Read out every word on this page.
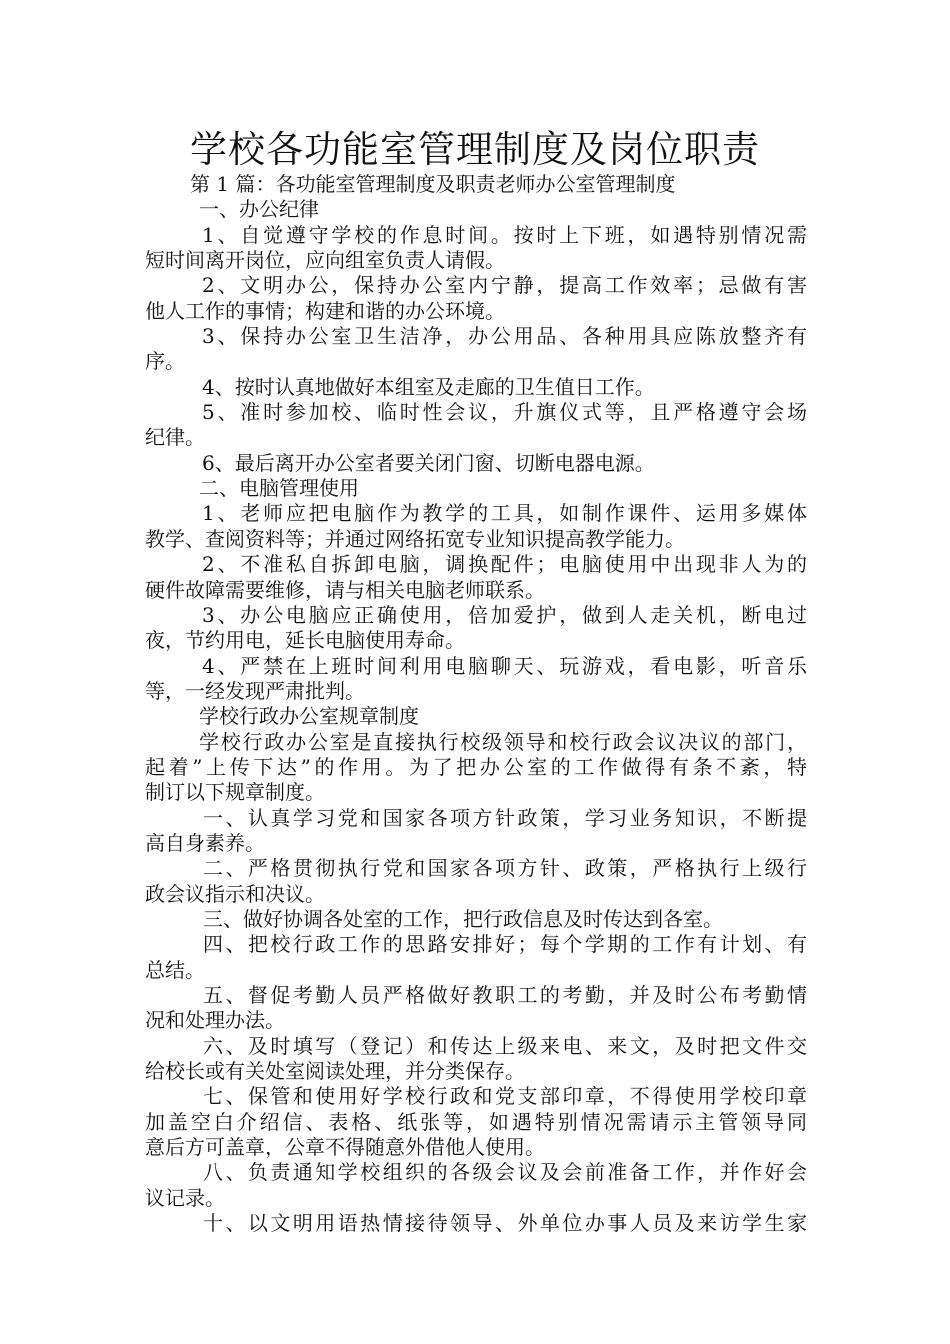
学校各功能室管理制度及岗位职责
第 1 篇：各功能室管理制度及职责老师办公室管理制度
一、办公纪律
1、自觉遵守学校的作息时间。按时上下班，如遇特别情况需
短时间离开岗位，应向组室负责人请假。
2、文明办公，保持办公室内宁静，提高工作效率；忌做有害
他人工作的事情；构建和谐的办公环境。
3、保持办公室卫生洁净，办公用品、各种用具应陈放整齐有
序。
4、按时认真地做好本组室及走廊的卫生值日工作。
5、准时参加校、临时性会议，升旗仪式等，且严格遵守会场
纪律。
6、最后离开办公室者要关闭门窗、切断电器电源。
二、电脑管理使用
1、老师应把电脑作为教学的工具，如制作课件、运用多媒体
教学、查阅资料等；并通过网络拓宽专业知识提高教学能力。
2、不准私自拆卸电脑，调换配件；电脑使用中出现非人为的
硬件故障需要维修，请与相关电脑老师联系。
3、办公电脑应正确使用，倍加爱护，做到人走关机，断电过
夜，节约用电，延长电脑使用寿命。
4、严禁在上班时间利用电脑聊天、玩游戏，看电影，听音乐
等，一经发现严肃批判。
学校行政办公室规章制度
学校行政办公室是直接执行校级领导和校行政会议决议的部门，
起着”上传下达”的作用。为了把办公室的工作做得有条不紊，特
制订以下规章制度。
一、认真学习党和国家各项方针政策，学习业务知识，不断提
高自身素养。
二、严格贯彻执行党和国家各项方针、政策，严格执行上级行
政会议指示和决议。
三、做好协调各处室的工作，把行政信息及时传达到各室。
四、把校行政工作的思路安排好；每个学期的工作有计划、有
总结。
五、督促考勤人员严格做好教职工的考勤，并及时公布考勤情
况和处理办法。
六、及时填写（登记）和传达上级来电、来文，及时把文件交
给校长或有关处室阅读处理，并分类保存。
七、保管和使用好学校行政和党支部印章，不得使用学校印章
加盖空白介绍信、表格、纸张等，如遇特别情况需请示主管领导同
意后方可盖章，公章不得随意外借他人使用。
八、负责通知学校组织的各级会议及会前准备工作，并作好会
议记录。
十、以文明用语热情接待领导、外单位办事人员及来访学生家
